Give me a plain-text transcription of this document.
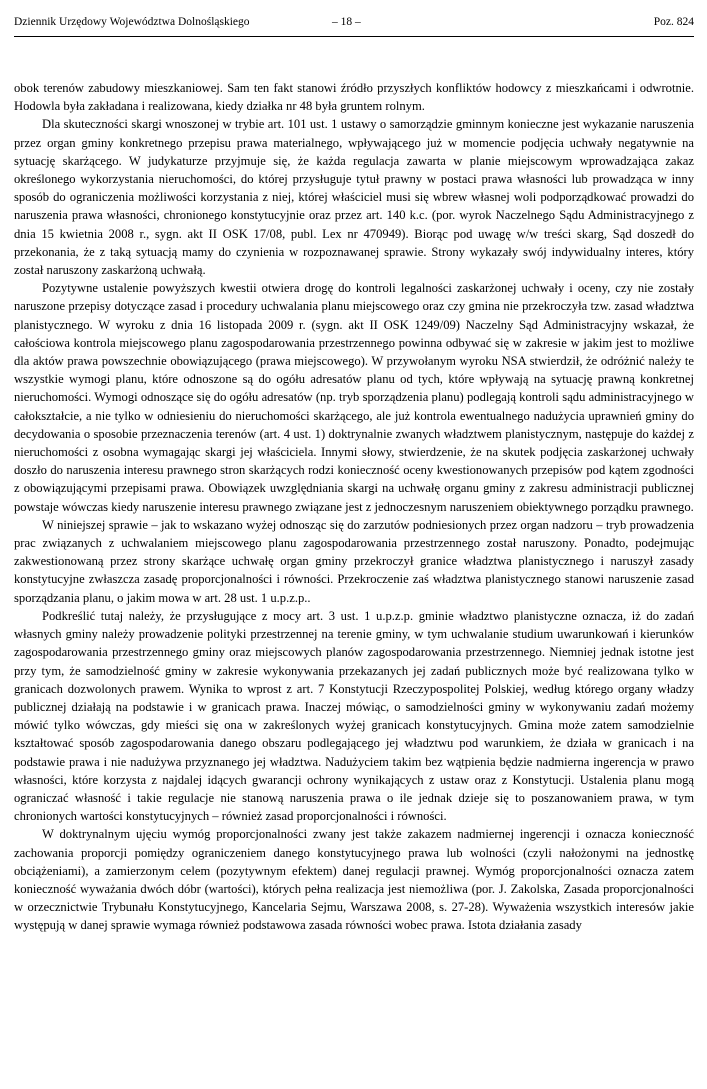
Dziennik Urzędowy Województwa Dolnośląskiego	– 18 –	Poz. 824

obok terenów zabudowy mieszkaniowej. Sam ten fakt stanowi źródło przyszłych konfliktów hodowcy z mieszkańcami i odwrotnie. Hodowla była zakładana i realizowana, kiedy działka nr 48 była gruntem rolnym.

Dla skuteczności skargi wnoszonej w trybie art. 101 ust. 1 ustawy o samorządzie gminnym konieczne jest wykazanie naruszenia przez organ gminy konkretnego przepisu prawa materialnego, wpływającego już w momencie podjęcia uchwały negatywnie na sytuację skarżącego. W judykaturze przyjmuje się, że każda regulacja zawarta w planie miejscowym wprowadzająca zakaz określonego wykorzystania nieruchomości, do której przysługuje tytuł prawny w postaci prawa własności lub prowadząca w inny sposób do ograniczenia możliwości korzystania z niej, której właściciel musi się wbrew własnej woli podporządkować prowadzi do naruszenia prawa własności, chronionego konstytucyjnie oraz przez art. 140 k.c. (por. wyrok Naczelnego Sądu Administracyjnego z dnia 15 kwietnia 2008 r., sygn. akt II OSK 17/08, publ. Lex nr 470949). Biorąc pod uwagę w/w treści skarg, Sąd doszedł do przekonania, że z taką sytuacją mamy do czynienia w rozpoznawanej sprawie. Strony wykazały swój indywidualny interes, który został naruszony zaskarżoną uchwałą.

Pozytywne ustalenie powyższych kwestii otwiera drogę do kontroli legalności zaskarżonej uchwały i oceny, czy nie zostały naruszone przepisy dotyczące zasad i procedury uchwalania planu miejscowego oraz czy gmina nie przekroczyła tzw. zasad władztwa planistycznego. W wyroku z dnia 16 listopada 2009 r. (sygn. akt II OSK 1249/09) Naczelny Sąd Administracyjny wskazał, że całościowa kontrola miejscowego planu zagospodarowania przestrzennego powinna odbywać się w zakresie w jakim jest to możliwe dla aktów prawa powszechnie obowiązującego (prawa miejscowego). W przywołanym wyroku NSA stwierdził, że odróżnić należy te wszystkie wymogi planu, które odnoszone są do ogółu adresatów planu od tych, które wpływają na sytuację prawną konkretnej nieruchomości. Wymogi odnoszące się do ogółu adresatów (np. tryb sporządzenia planu) podlegają kontroli sądu administracyjnego w całokształcie, a nie tylko w odniesieniu do nieruchomości skarżącego, ale już kontrola ewentualnego nadużycia uprawnień gminy do decydowania o sposobie przeznaczenia terenów (art. 4 ust. 1) doktrynalnie zwanych władztwem planistycznym, następuje do każdej z nieruchomości z osobna wymagając skargi jej właściciela. Innymi słowy, stwierdzenie, że na skutek podjęcia zaskarżonej uchwały doszło do naruszenia interesu prawnego stron skarżących rodzi konieczność oceny kwestionowanych przepisów pod kątem zgodności z obowiązującymi przepisami prawa. Obowiązek uwzględniania skargi na uchwałę organu gminy z zakresu administracji publicznej powstaje wówczas kiedy naruszenie interesu prawnego związane jest z jednoczesnym naruszeniem obiektywnego porządku prawnego.

W niniejszej sprawie – jak to wskazano wyżej odnosząc się do zarzutów podniesionych przez organ nadzoru – tryb prowadzenia prac związanych z uchwalaniem miejscowego planu zagospodarowania przestrzennego został naruszony. Ponadto, podejmując zakwestionowaną przez strony skarżące uchwałę organ gminy przekroczył granice władztwa planistycznego i naruszył zasady konstytucyjne zwłaszcza zasadę proporcjonalności i równości. Przekroczenie zaś władztwa planistycznego stanowi naruszenie zasad sporządzania planu, o jakim mowa w art. 28 ust. 1 u.p.z.p..

Podkreślić tutaj należy, że przysługujące z mocy art. 3 ust. 1 u.p.z.p. gminie władztwo planistyczne oznacza, iż do zadań własnych gminy należy prowadzenie polityki przestrzennej na terenie gminy, w tym uchwalanie studium uwarunkowań i kierunków zagospodarowania przestrzennego gminy oraz miejscowych planów zagospodarowania przestrzennego. Niemniej jednak istotne jest przy tym, że samodzielność gminy w zakresie wykonywania przekazanych jej zadań publicznych może być realizowana tylko w granicach dozwolonych prawem. Wynika to wprost z art. 7 Konstytucji Rzeczypospolitej Polskiej, według którego organy władzy publicznej działają na podstawie i w granicach prawa. Inaczej mówiąc, o samodzielności gminy w wykonywaniu zadań możemy mówić tylko wówczas, gdy mieści się ona w zakreślonych wyżej granicach konstytucyjnych. Gmina może zatem samodzielnie kształtować sposób zagospodarowania danego obszaru podlegającego jej władztwu pod warunkiem, że działa w granicach i na podstawie prawa i nie nadużywa przyznanego jej władztwa. Nadużyciem takim bez wątpienia będzie nadmierna ingerencja w prawo własności, które korzysta z najdalej idących gwarancji ochrony wynikających z ustaw oraz z Konstytucji. Ustalenia planu mogą ograniczać własność i takie regulacje nie stanową naruszenia prawa o ile jednak dzieje się to poszanowaniem prawa, w tym chronionych wartości konstytucyjnych – również zasad proporcjonalności i równości.

W doktrynalnym ujęciu wymóg proporcjonalności zwany jest także zakazem nadmiernej ingerencji i oznacza konieczność zachowania proporcji pomiędzy ograniczeniem danego konstytucyjnego prawa lub wolności (czyli nałożonymi na jednostkę obciążeniami), a zamierzonym celem (pozytywnym efektem) danej regulacji prawnej. Wymóg proporcjonalności oznacza zatem konieczność wyważania dwóch dóbr (wartości), których pełna realizacja jest niemożliwa (por. J. Zakolska, Zasada proporcjonalności w orzecznictwie Trybunału Konstytucyjnego, Kancelaria Sejmu, Warszawa 2008, s. 27-28). Wyważenia wszystkich interesów jakie występują w danej sprawie wymaga również podstawowa zasada równości wobec prawa. Istota działania zasady
